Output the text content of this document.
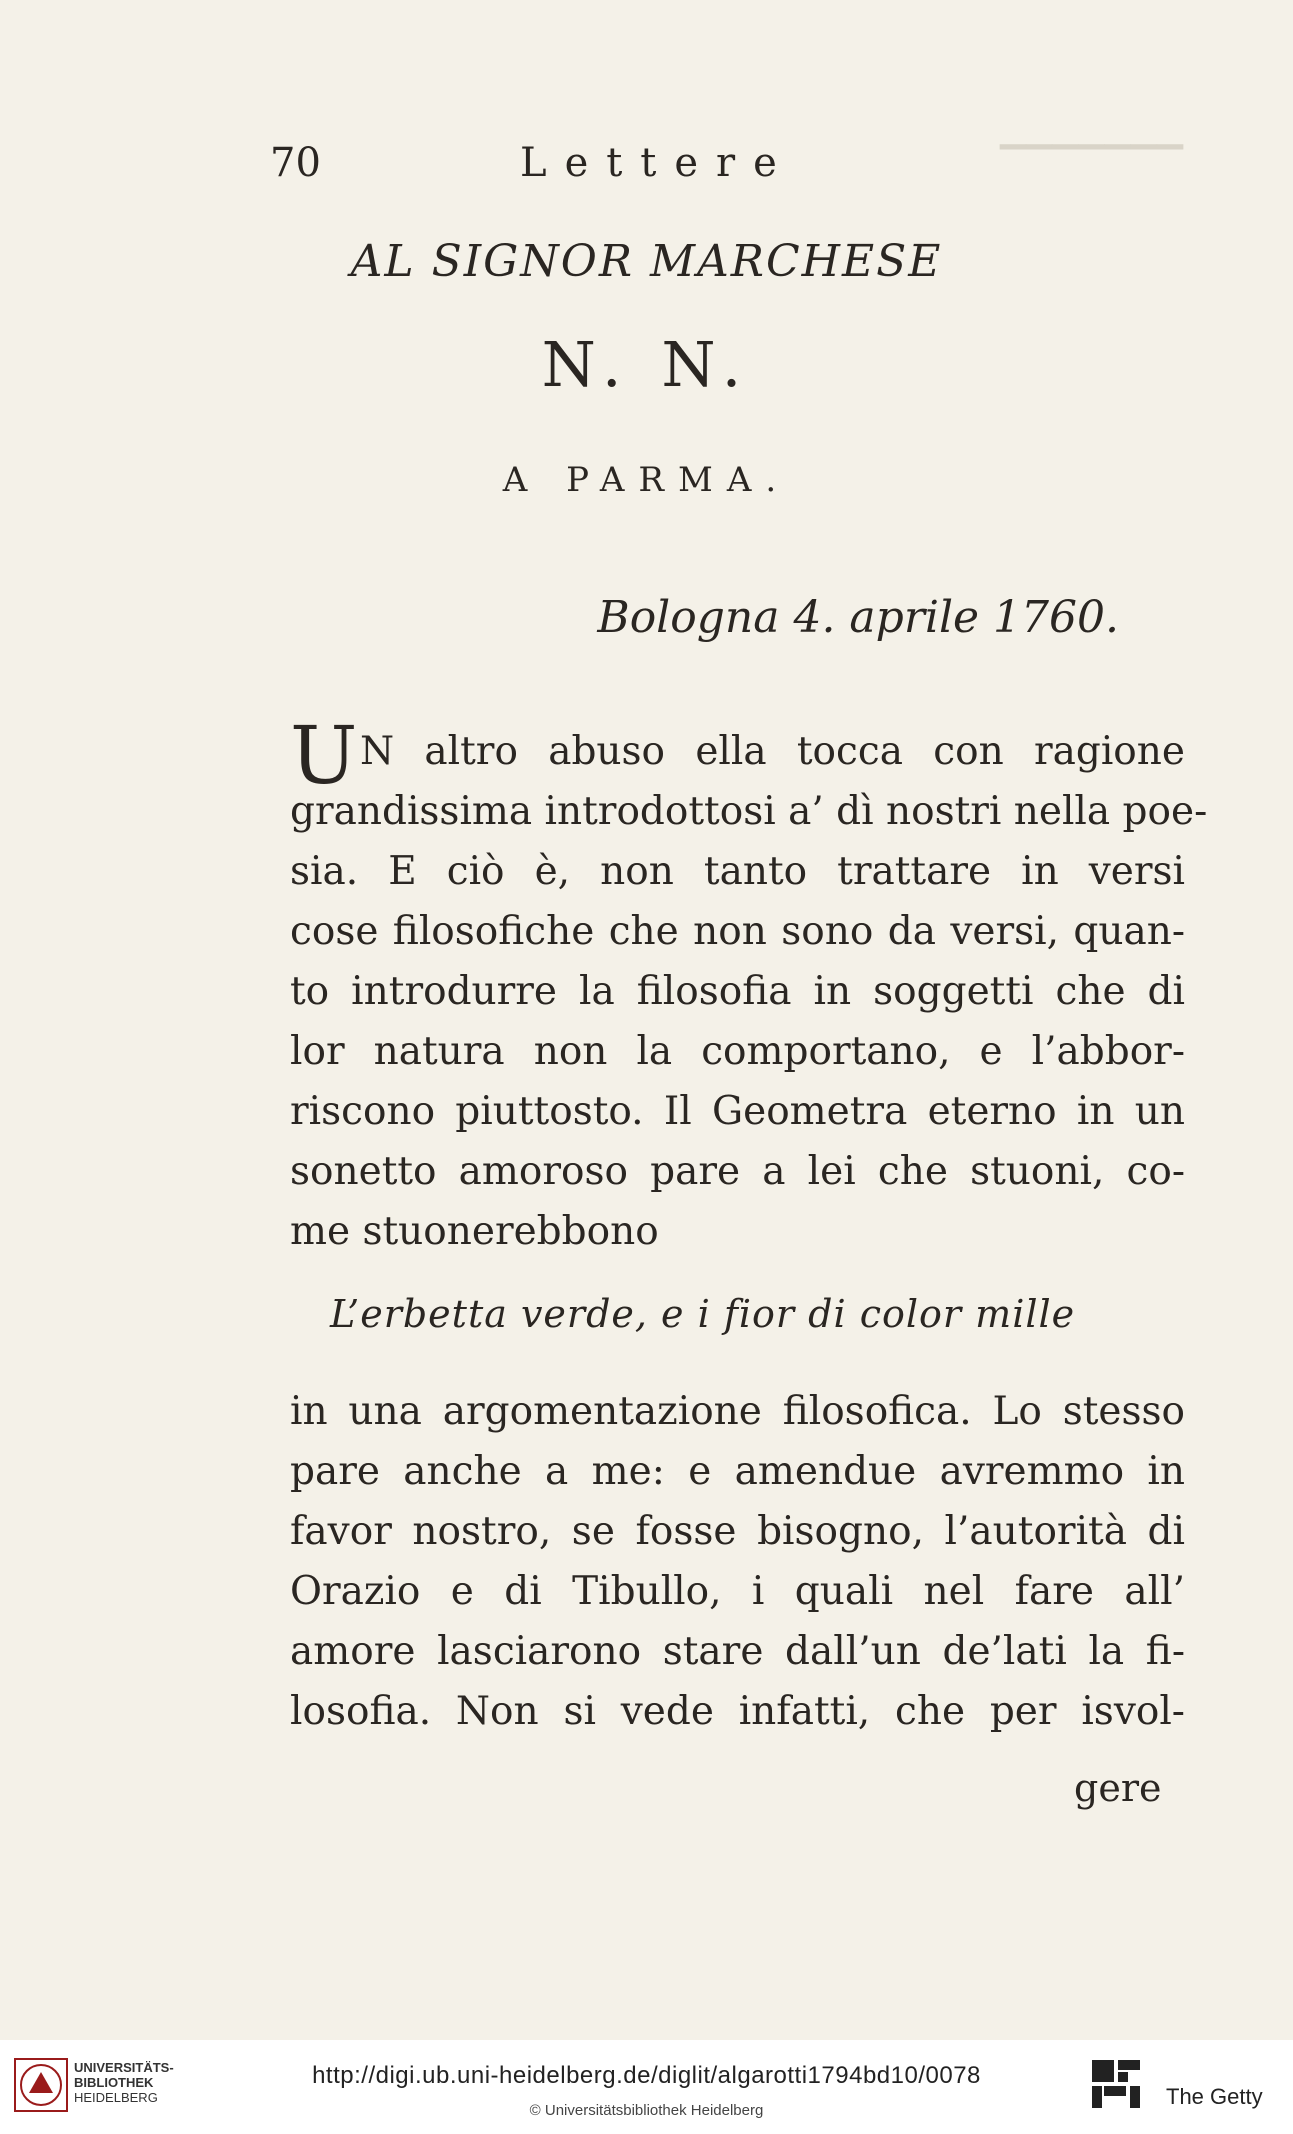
▁▁▁▁▁▁▁
70	Lettere
AL SIGNOR MARCHESE
N. N.
A PARMA.
Bologna 4. aprile 1760.
U N altro abuso ella tocca con ragione
grandissima introdottosi a’ dì nostri nella poe-
sia. E ciò è, non tanto trattare in versi
cose filosofiche che non sono da versi, quan-
to introdurre la filosofia in soggetti che di
lor natura non la comportano, e l’abbor-
riscono piuttosto. Il Geometra eterno in un
sonetto amoroso pare a lei che stuoni, co-
me stuonerebbono
L’erbetta verde, e i fior di color mille
in una argomentazione filosofica. Lo stesso
pare anche a me: e amendue avremmo in
favor nostro, se fosse bisogno, l’autorità di
Orazio e di Tibullo, i quali nel fare all’
amore lasciarono stare dall’un de’lati la fi-
losofia. Non si vede infatti, che per isvol-
gere
UNIVERSITÄTS-
BIBLIOTHEK
HEIDELBERG
http://digi.ub.uni-heidelberg.de/diglit/algarotti1794bd10/0078
© Universitätsbibliothek Heidelberg
The Getty
